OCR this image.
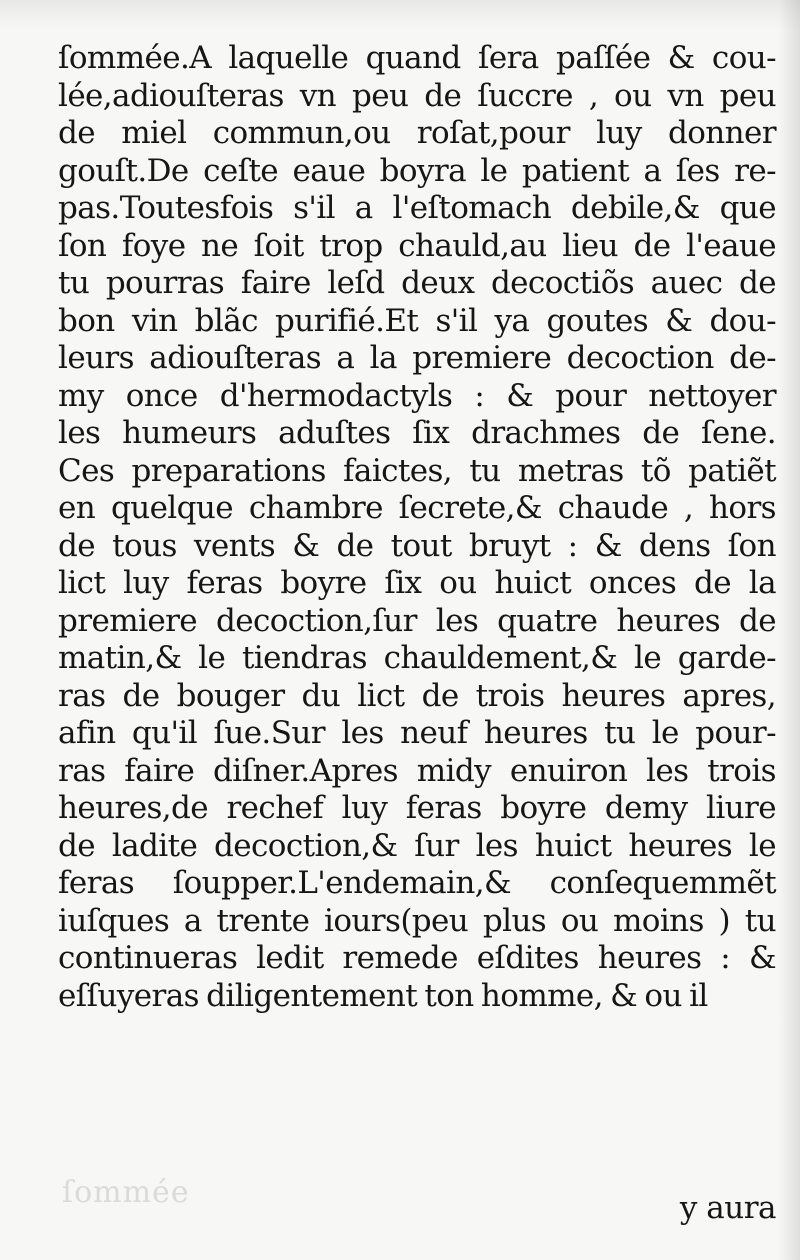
ſommée.A laquelle quand ſera paſſée & cou-
lée,adiouſteras vn peu de ſuccre , ou vn peu
de miel commun,ou roſat,pour luy donner
gouſt.De ceſte eaue boyra le patient a ſes re-
pas.Toutesfois s'il a l'eſtomach debile,& que
ſon foye ne ſoit trop chauld,au lieu de l'eaue
tu pourras faire leſd deux decoctiõs auec de
bon vin blãc purifié.Et s'il ya goutes & dou-
leurs adiouſteras a la premiere decoction de-
my once d'hermodactyls : & pour nettoyer
les humeurs aduſtes ſix drachmes de ſene.
Ces preparations faictes, tu metras tõ patiẽt
en quelque chambre ſecrete,& chaude , hors
de tous vents & de tout bruyt : & dens ſon
lict luy feras boyre ſix ou huict onces de la
premiere decoction,ſur les quatre heures de
matin,& le tiendras chauldement,& le garde-
ras de bouger du lict de trois heures apres,
afin qu'il ſue.Sur les neuf heures tu le pour-
ras faire diſner.Apres midy enuiron les trois
heures,de rechef luy feras boyre demy liure
de ladite decoction,& ſur les huict heures le
feras ſoupper.L'endemain,& conſequemmẽt
iuſques a trente iours(peu plus ou moins ) tu
continueras ledit remede eſdites heures : &
eſſuyeras diligentement ton homme, & ou il
ſommée	y aura
